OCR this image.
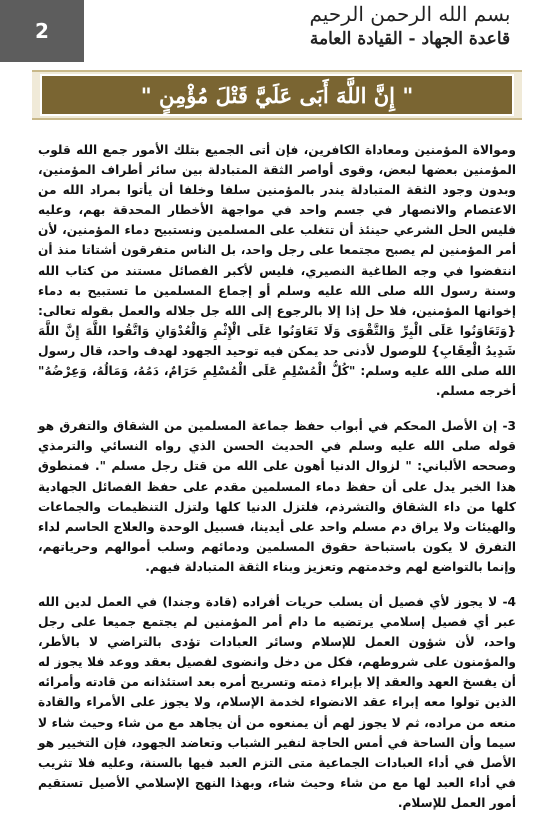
2
بسم الله الرحمن الرحيم
قاعدة الجهاد - القيادة العامة
" إِنَّ اللَّهَ أَبَى عَلَيَّ قَتْلَ مُؤْمِنٍ "

وموالاة المؤمنين ومعاداة الكافرين، فإن أتى الجميع بتلك الأمور جمع الله قلوب المؤمنين بعضها لبعض، وقوى أواصر الثقة المتبادلة بين سائر أطراف المؤمنين، وبدون وجود الثقة المتبادلة يندر بالمؤمنين سلفا وخلفا أن يأتوا بمراد الله من الاعتصام والانصهار في جسم واحد في مواجهة الأخطار المحدقة بهم، وعليه فليس الحل الشرعي حينئذ أن تتغلب على المسلمين ونستبيح دماء المؤمنين، لأن أمر المؤمنين لم يصبح مجتمعا على رجل واحد، بل الناس متفرقون أشتاتا منذ أن انتفضوا في وجه الطاغية النصيري، فليس لأكبر الفصائل مستند من كتاب الله وسنة رسول الله صلى الله عليه وسلم أو إجماع المسلمين ما تستبيح به دماء إخوانها المؤمنين، فلا حل إذا إلا بالرجوع إلى الله جل جلاله والعمل بقوله تعالى: {وَتَعَاوَنُوا عَلَى الْبِرِّ وَالتَّقْوَى وَلَا تَعَاوَنُوا عَلَى الْإِثْمِ وَالْعُدْوَانِ وَاتَّقُوا اللَّهَ إِنَّ اللَّهَ شَدِيدُ الْعِقَابِ} للوصول لأدنى حد يمكن فيه توحيد الجهود لهدف واحد، قال رسول الله صلى الله عليه وسلم: "كُلُّ الْمُسْلِمِ عَلَى الْمُسْلِمِ حَرَامٌ، دَمُهُ، وَمَالُهُ، وَعِرْضُهُ" أخرجه مسلم.

3- إن الأصل المحكم في أبواب حفظ جماعة المسلمين من الشقاق والتفرق هو قوله صلى الله عليه وسلم في الحديث الحسن الذي رواه النسائي والترمذي وصححه الألباني: " لزوال الدنيا أهون على الله من قتل رجل مسلم ". فمنطوق هذا الخبر يدل على أن حفظ دماء المسلمين مقدم على حفظ الفصائل الجهادية كلها من داء الشقاق والتشرذم، فلتزل الدنيا كلها ولتزل التنظيمات والجماعات والهيئات ولا يراق دم مسلم واحد على أيدينا، فسبيل الوحدة والعلاج الحاسم لداء التفرق لا يكون باستباحة حقوق المسلمين ودمائهم وسلب أموالهم وحرياتهم، وإنما بالتواضع لهم وخدمتهم وتعزيز وبناء الثقة المتبادلة فيهم.

4- لا يجوز لأي فصيل أن يسلب حريات أفراده (قادة وجندا) في العمل لدين الله عبر أي فصيل إسلامي يرتضيه ما دام أمر المؤمنين لم يجتمع جميعا على رجل واحد، لأن شؤون العمل للإسلام وسائر العبادات تؤدى بالتراضي لا بالأطر، والمؤمنون على شروطهم، فكل من دخل وانضوى لفصيل بعقد ووعد فلا يجوز له أن يفسخ العهد والعقد إلا بإبراء ذمته وتسريح أمره بعد استئذانه من قادته وأمرائه الذين تولوا معه إبراء عقد الانضواء لخدمة الإسلام، ولا يجوز على الأمراء والقادة منعه من مراده، ثم لا يجوز لهم أن يمنعوه من أن يجاهد مع من شاء وحيث شاء لا سيما وأن الساحة في أمس الحاجة لنفير الشباب وتعاضد الجهود، فإن التخيير هو الأصل في أداء العبادات الجماعية متى التزم العبد فيها بالسنة، وعليه فلا تثريب في أداء العبد لها مع من شاء وحيث شاء، وبهذا النهج الإسلامي الأصيل تستقيم أمور العمل للإسلام.
